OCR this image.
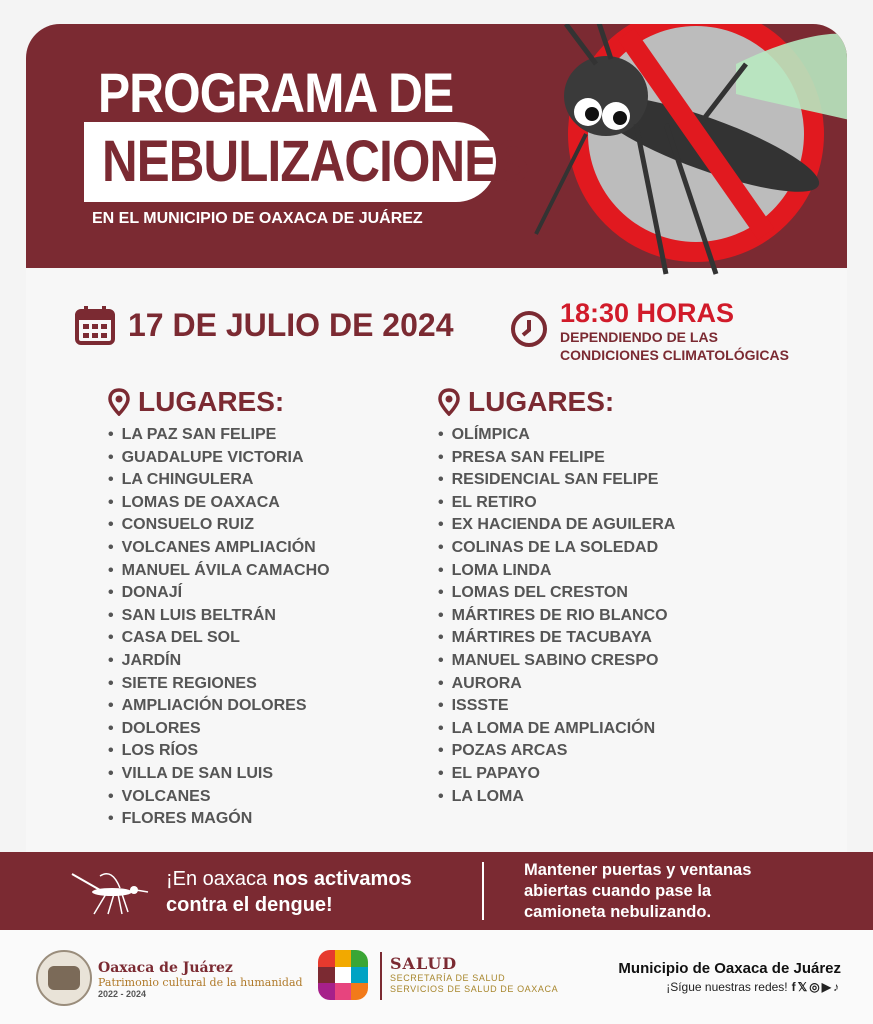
PROGRAMA DE
NEBULIZACIONES
EN EL MUNICIPIO DE OAXACA DE JUÁREZ
17 DE JULIO DE 2024	18:30 HORAS
DEPENDIENDO DE LAS
CONDICIONES CLIMATOLÓGICAS
LUGARES:
• LA PAZ SAN FELIPE
• GUADALUPE VICTORIA
• LA CHINGULERA
• LOMAS DE OAXACA
• CONSUELO RUIZ
• VOLCANES AMPLIACIÓN
• MANUEL ÁVILA CAMACHO
• DONAJÍ
• SAN LUIS BELTRÁN
• CASA DEL SOL
• JARDÍN
• SIETE REGIONES
• AMPLIACIÓN DOLORES
• DOLORES
• LOS RÍOS
• VILLA DE SAN LUIS
• VOLCANES
• FLORES MAGÓN
LUGARES:
• OLÍMPICA
• PRESA SAN FELIPE
• RESIDENCIAL SAN FELIPE
• EL RETIRO
• EX HACIENDA DE AGUILERA
• COLINAS DE LA SOLEDAD
• LOMA LINDA
• LOMAS DEL CRESTON
• MÁRTIRES DE RIO BLANCO
• MÁRTIRES DE TACUBAYA
• MANUEL SABINO CRESPO
• AURORA
• ISSSTE
• LA LOMA DE AMPLIACIÓN
• POZAS ARCAS
• EL PAPAYO
• LA LOMA
¡En oaxaca nos activamos
contra el dengue!
Mantener puertas y ventanas
abiertas cuando pase la
camioneta nebulizando.
Oaxaca de Juárez
Patrimonio cultural de la humanidad
2022 - 2024
SALUD
SECRETARÍA DE SALUD
SERVICIOS DE SALUD DE OAXACA
Municipio de Oaxaca de Juárez
¡Sígue nuestras redes! f𝕏◎▶♪
